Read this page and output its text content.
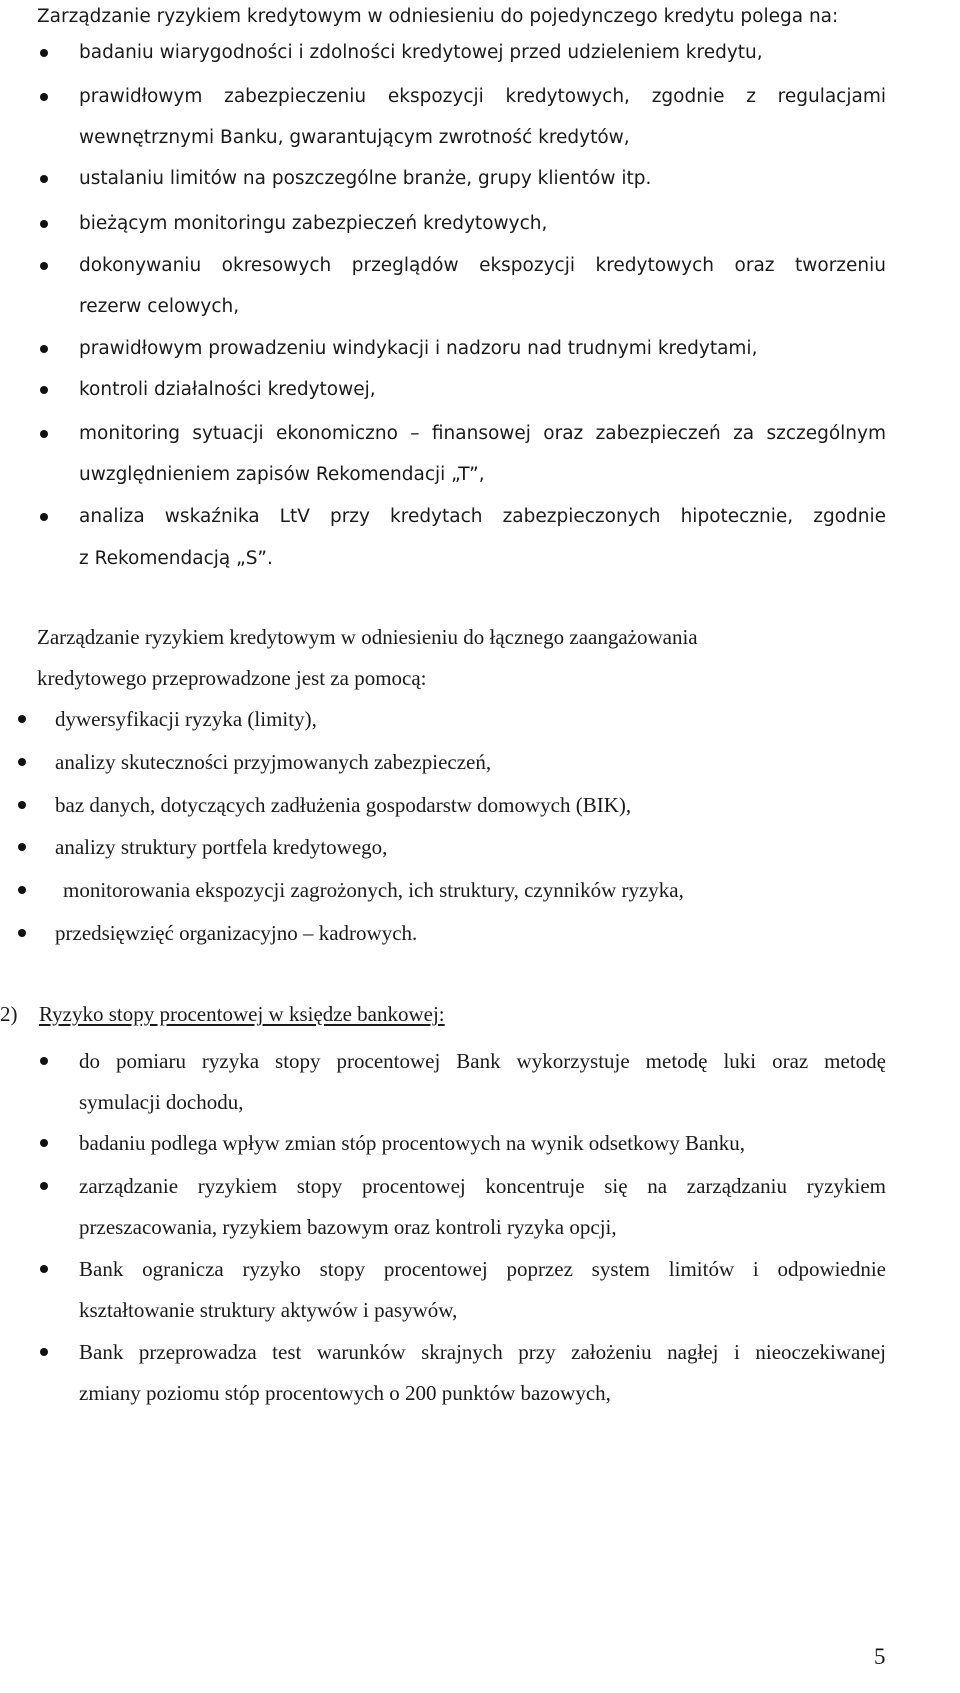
Zarządzanie ryzykiem kredytowym w odniesieniu do pojedynczego kredytu polega na:
badaniu wiarygodności i zdolności kredytowej przed udzieleniem kredytu,
prawidłowym zabezpieczeniu ekspozycji kredytowych, zgodnie z regulacjami
wewnętrznymi Banku, gwarantującym zwrotność kredytów,
ustalaniu limitów na poszczególne branże, grupy klientów itp.
bieżącym monitoringu zabezpieczeń kredytowych,
dokonywaniu okresowych przeglądów ekspozycji kredytowych oraz tworzeniu
rezerw celowych,
prawidłowym prowadzeniu windykacji i nadzoru nad trudnymi kredytami,
kontroli działalności kredytowej,
monitoring sytuacji ekonomiczno – finansowej oraz zabezpieczeń za szczególnym
uwzględnieniem zapisów Rekomendacji „T”,
analiza wskaźnika LtV przy kredytach zabezpieczonych hipotecznie, zgodnie
z Rekomendacją „S”.
Zarządzanie ryzykiem kredytowym w odniesieniu do łącznego zaangażowania
kredytowego przeprowadzone jest za pomocą:
dywersyfikacji ryzyka (limity),
analizy skuteczności przyjmowanych zabezpieczeń,
baz danych, dotyczących zadłużenia gospodarstw domowych (BIK),
analizy struktury portfela kredytowego,
monitorowania ekspozycji zagrożonych, ich struktury, czynników ryzyka,
przedsięwzięć organizacyjno – kadrowych.
2) Ryzyko stopy procentowej w księdze bankowej:
do pomiaru ryzyka stopy procentowej Bank wykorzystuje metodę luki oraz metodę
symulacji dochodu,
badaniu podlega wpływ zmian stóp procentowych na wynik odsetkowy Banku,
zarządzanie ryzykiem stopy procentowej koncentruje się na zarządzaniu ryzykiem
przeszacowania, ryzykiem bazowym oraz kontroli ryzyka opcji,
Bank ogranicza ryzyko stopy procentowej poprzez system limitów i odpowiednie
kształtowanie struktury aktywów i pasywów,
Bank przeprowadza test warunków skrajnych przy założeniu nagłej i nieoczekiwanej
zmiany poziomu stóp procentowych o 200 punktów bazowych,
5
